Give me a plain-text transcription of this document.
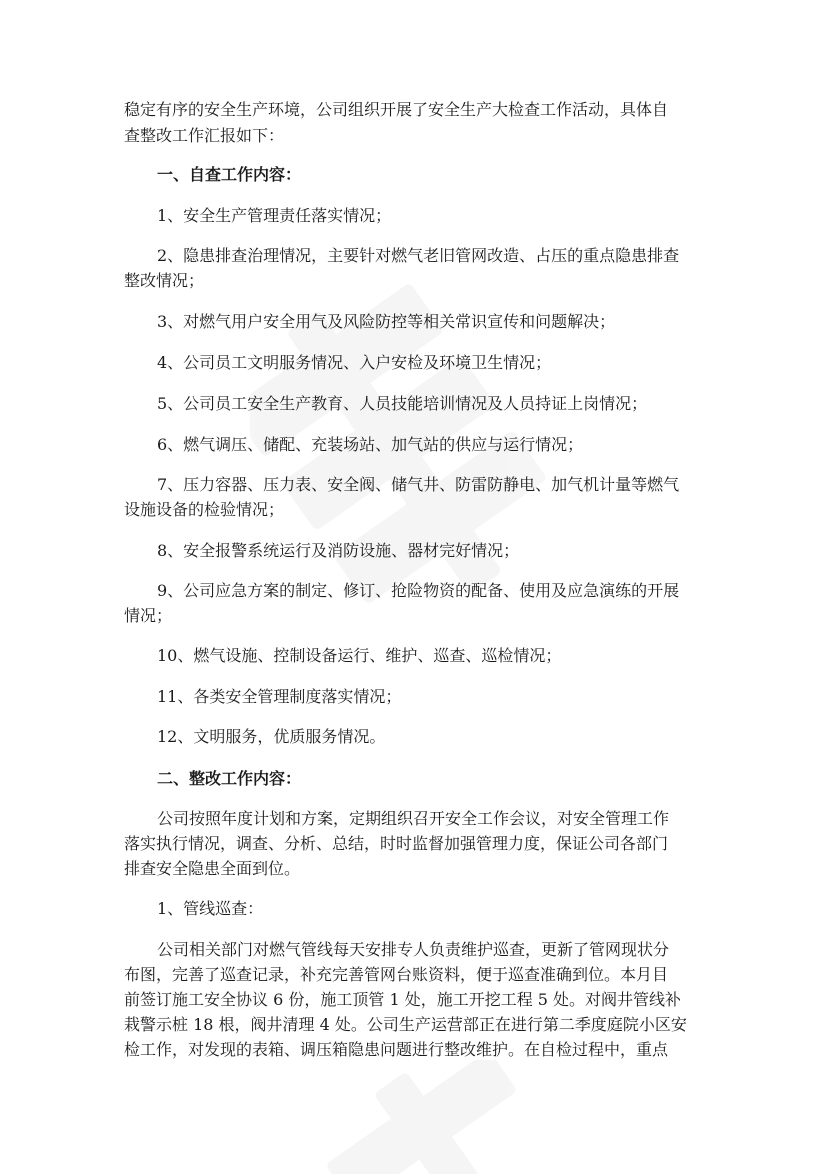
稳定有序的安全生产环境，公司组织开展了安全生产大检查工作活动，具体自

查整改工作汇报如下：

一、自查工作内容：

1、安全生产管理责任落实情况；

2、隐患排查治理情况，主要针对燃气老旧管网改造、占压的重点隐患排查

整改情况；

3、对燃气用户安全用气及风险防控等相关常识宣传和问题解决；

4、公司员工文明服务情况、入户安检及环境卫生情况；

5、公司员工安全生产教育、人员技能培训情况及人员持证上岗情况；

6、燃气调压、储配、充装场站、加气站的供应与运行情况；

7、压力容器、压力表、安全阀、储气井、防雷防静电、加气机计量等燃气

设施设备的检验情况；

8、安全报警系统运行及消防设施、器材完好情况；

9、公司应急方案的制定、修订、抢险物资的配备、使用及应急演练的开展

情况；

10、燃气设施、控制设备运行、维护、巡查、巡检情况；

11、各类安全管理制度落实情况；

12、文明服务，优质服务情况。

二、整改工作内容：

公司按照年度计划和方案，定期组织召开安全工作会议，对安全管理工作

落实执行情况，调查、分析、总结，时时监督加强管理力度，保证公司各部门

排查安全隐患全面到位。

1、管线巡查：

公司相关部门对燃气管线每天安排专人负责维护巡查，更新了管网现状分

布图，完善了巡查记录，补充完善管网台账资料，便于巡查准确到位。本月目

前签订施工安全协议 6 份，施工顶管 1 处，施工开挖工程 5 处。对阀井管线补

栽警示桩 18 根，阀井清理 4 处。公司生产运营部正在进行第二季度庭院小区安

检工作，对发现的表箱、调压箱隐患问题进行整改维护。在自检过程中，重点
